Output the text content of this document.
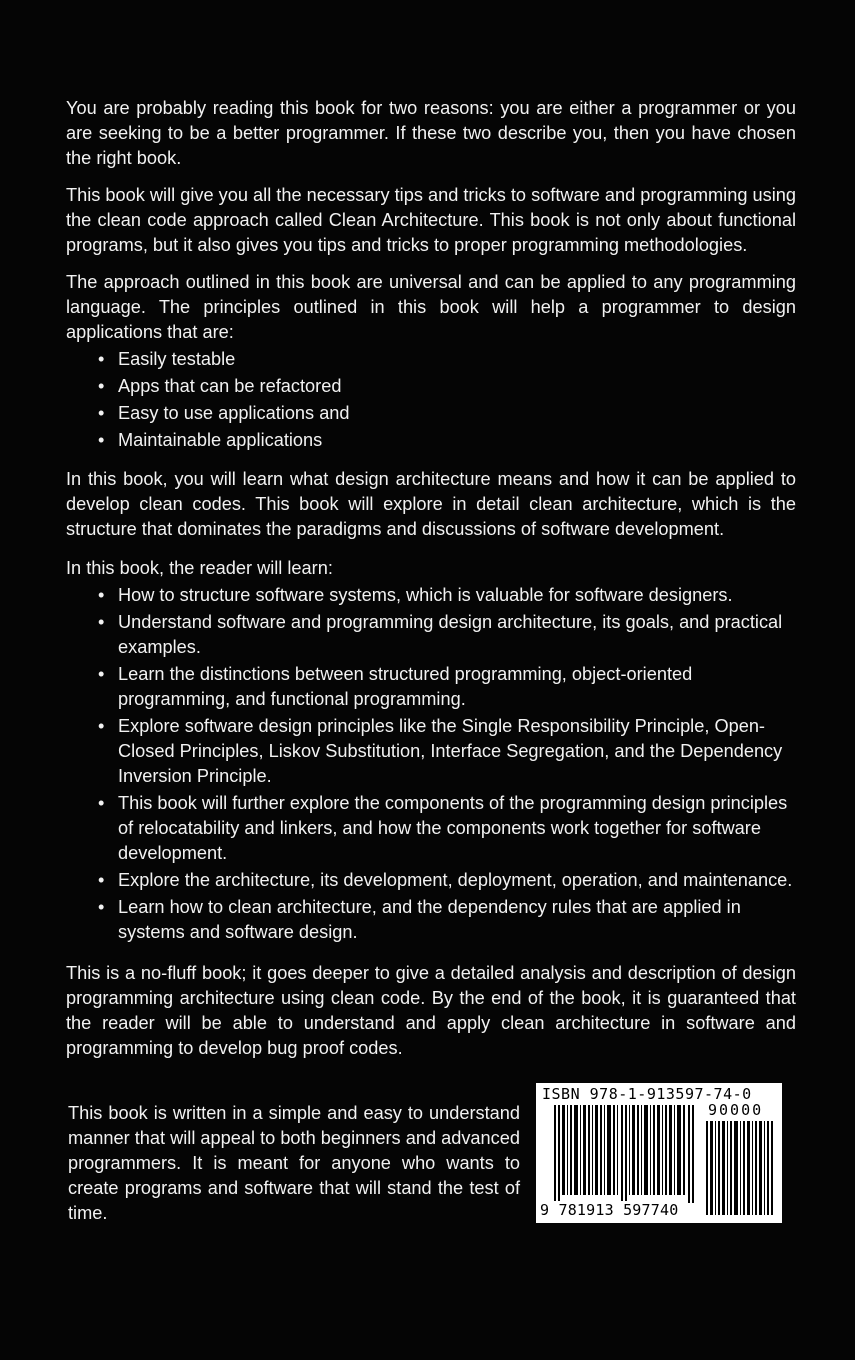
You are probably reading this book for two reasons: you are either a programmer or you are seeking to be a better programmer. If these two describe you, then you have chosen the right book.

This book will give you all the necessary tips and tricks to software and programming using the clean code approach called Clean Architecture. This book is not only about functional programs, but it also gives you tips and tricks to proper programming methodologies.

The approach outlined in this book are universal and can be applied to any programming language. The principles outlined in this book will help a programmer to design applications that are:

• Easily testable
• Apps that can be refactored
• Easy to use applications and
• Maintainable applications

In this book, you will learn what design architecture means and how it can be applied to develop clean codes. This book will explore in detail clean architecture, which is the structure that dominates the paradigms and discussions of software development.

In this book, the reader will learn:

• How to structure software systems, which is valuable for software designers.
• Understand software and programming design architecture, its goals, and practical examples.
• Learn the distinctions between structured programming, object-oriented programming, and functional programming.
• Explore software design principles like the Single Responsibility Principle, Open-Closed Principles, Liskov Substitution, Interface Segregation, and the Dependency Inversion Principle.
• This book will further explore the components of the programming design principles of relocatability and linkers, and how the components work together for software development.
• Explore the architecture, its development, deployment, operation, and maintenance.
• Learn how to clean architecture, and the dependency rules that are applied in systems and software design.

This is a no-fluff book; it goes deeper to give a detailed analysis and description of design programming architecture using clean code. By the end of the book, it is guaranteed that the reader will be able to understand and apply clean architecture in software and programming to develop bug proof codes.

This book is written in a simple and easy to understand manner that will appeal to both beginners and advanced programmers. It is meant for anyone who wants to create programs and software that will stand the test of time.

ISBN 978-1-913597-74-0
90000
9 781913 597740
